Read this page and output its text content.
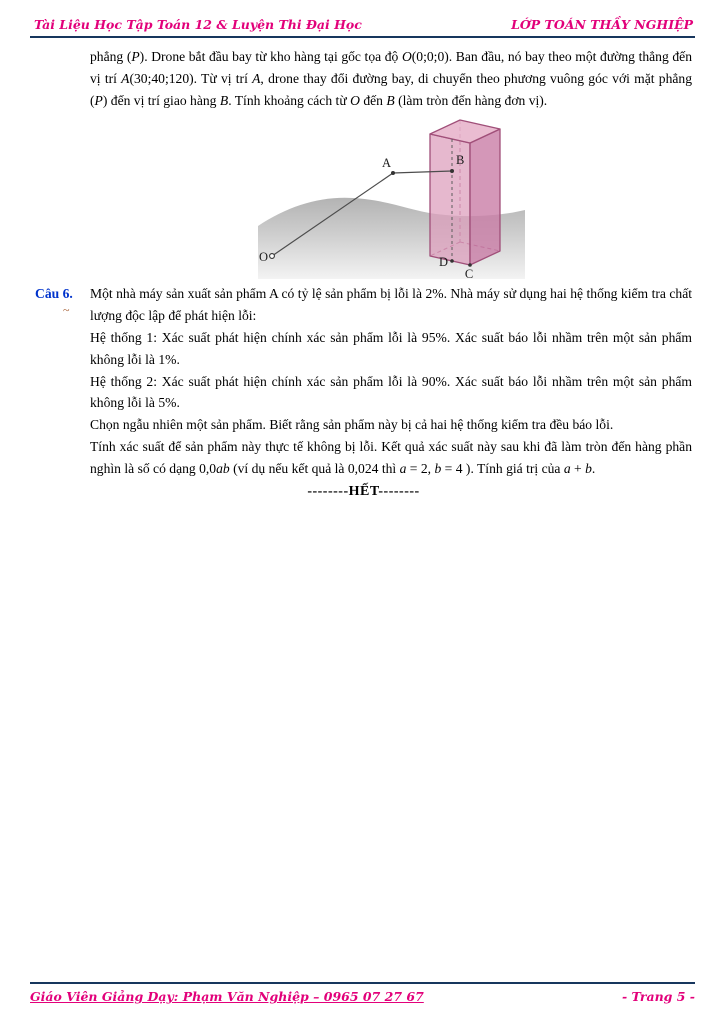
Tài Liệu Học Tập Toán 12 & Luyện Thi Đại Học	LỚP TOÁN THẦY NGHIỆP

phẳng (P). Drone bắt đầu bay từ kho hàng tại gốc tọa độ O(0;0;0). Ban đầu, nó bay theo một đường thẳng đến vị trí A(30;40;120). Từ vị trí A, drone thay đổi đường bay, di chuyển theo phương vuông góc với mặt phẳng (P) đến vị trí giao hàng B. Tính khoảng cách từ O đến B (làm tròn đến hàng đơn vị).

A	B
O	D
C
Câu 6.
~

Một nhà máy sản xuất sản phẩm A có tỷ lệ sản phẩm bị lỗi là 2%. Nhà máy sử dụng hai hệ thống kiểm tra chất lượng độc lập để phát hiện lỗi:

Hệ thống 1: Xác suất phát hiện chính xác sản phẩm lỗi là 95%. Xác suất báo lỗi nhầm trên một sản phẩm không lỗi là 1%.

Hệ thống 2: Xác suất phát hiện chính xác sản phẩm lỗi là 90%. Xác suất báo lỗi nhầm trên một sản phẩm không lỗi là 5%.

Chọn ngẫu nhiên một sản phẩm. Biết rằng sản phẩm này bị cả hai hệ thống kiểm tra đều báo lỗi.

Tính xác suất để sản phẩm này thực tế không bị lỗi. Kết quả xác suất này sau khi đã làm tròn đến hàng phần nghìn là số có dạng 0,0ab (ví dụ nếu kết quả là 0,024 thì a = 2, b = 4 ). Tính giá trị của a + b.

--------HẾT--------

Giáo Viên Giảng Dạy: Phạm Văn Nghiệp – 0965 07 27 67	- Trang 5 -
